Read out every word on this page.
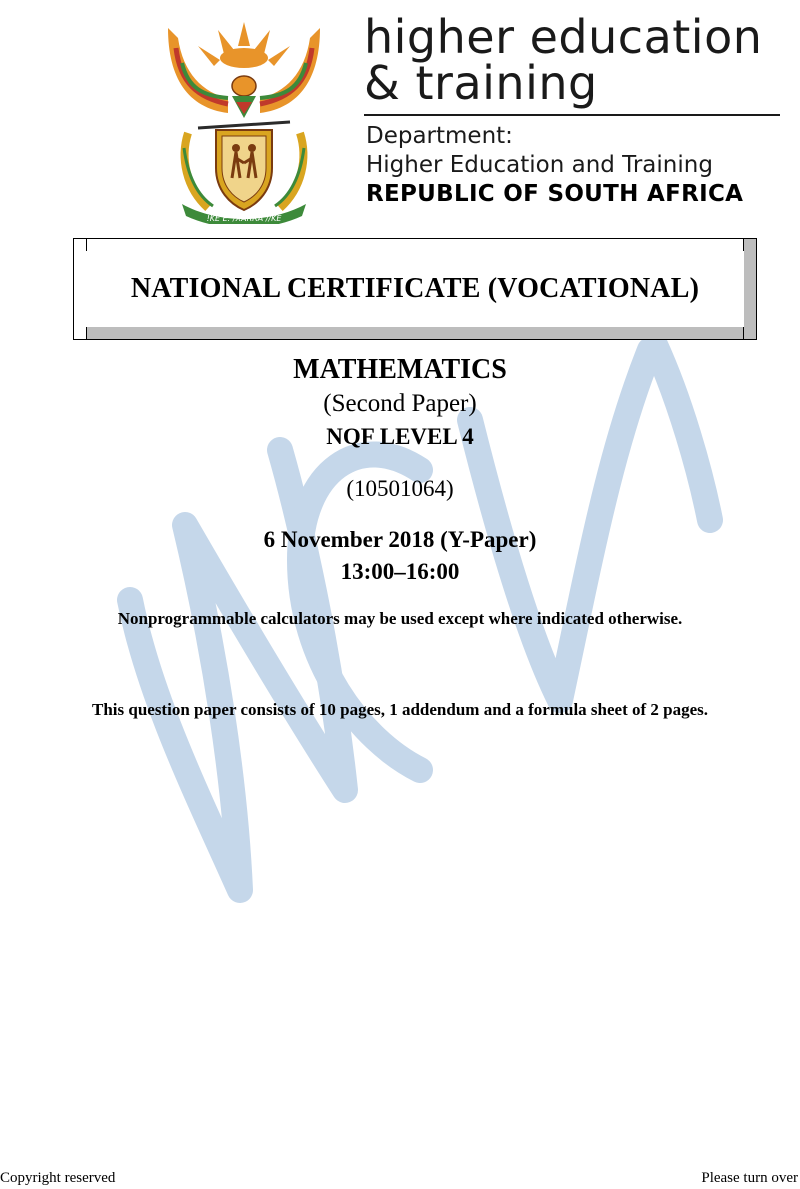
!KE E: /XARRA //KE
higher education
& training
Department:
Higher Education and Training
REPUBLIC OF SOUTH AFRICA
NATIONAL CERTIFICATE (VOCATIONAL)
MATHEMATICS
(Second Paper)
NQF LEVEL 4
(10501064)
6 November 2018 (Y-Paper)
13:00–16:00
Nonprogrammable calculators may be used except where indicated otherwise.
This question paper consists of 10 pages, 1 addendum and a formula sheet of 2 pages.
Copyright reserved	Please turn over
